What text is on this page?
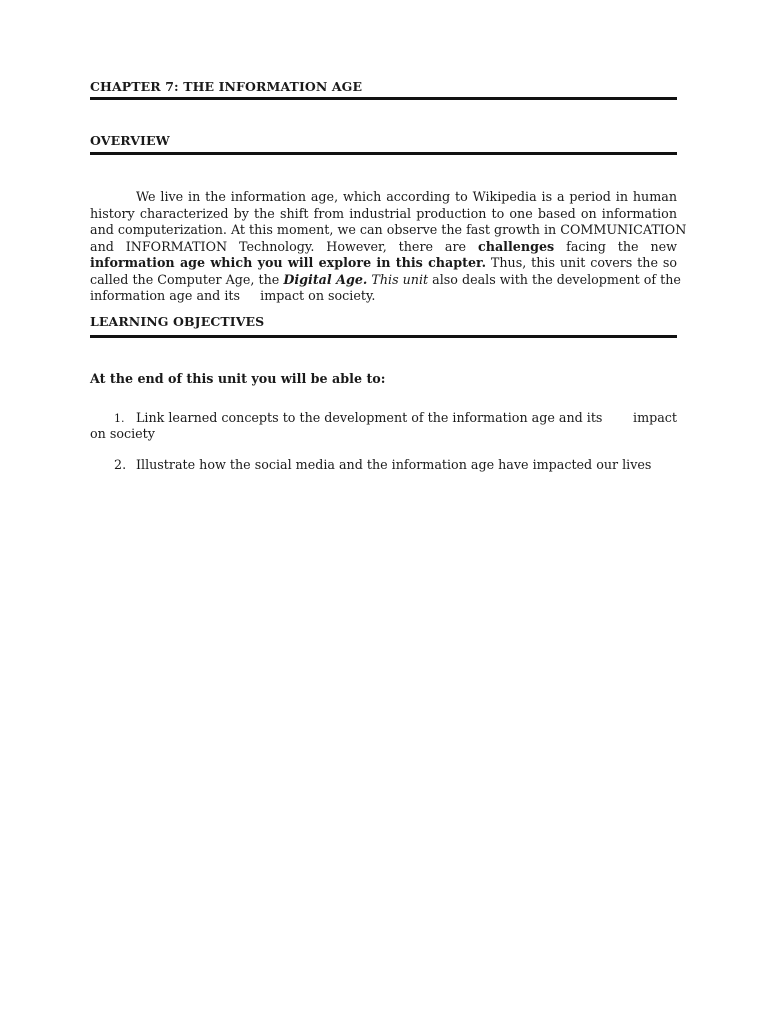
CHAPTER 7: THE INFORMATION AGE
OVERVIEW
We live in the information age, which according to Wikipedia is a period in human
history characterized by the shift from industrial production to one based on information
and computerization. At this moment, we can observe the fast growth in COMMUNICATION
and INFORMATION Technology. However, there are challenges facing the new
information age which you will explore in this chapter. Thus, this unit covers the so
called the Computer Age, the Digital Age. This unit also deals with the development of the
information age and its     impact on society.
LEARNING OBJECTIVES
At the end of this unit you will be able to:
1. Link learned concepts to the development of the information age and its impact
on society
2. Illustrate how the social media and the information age have impacted our lives
